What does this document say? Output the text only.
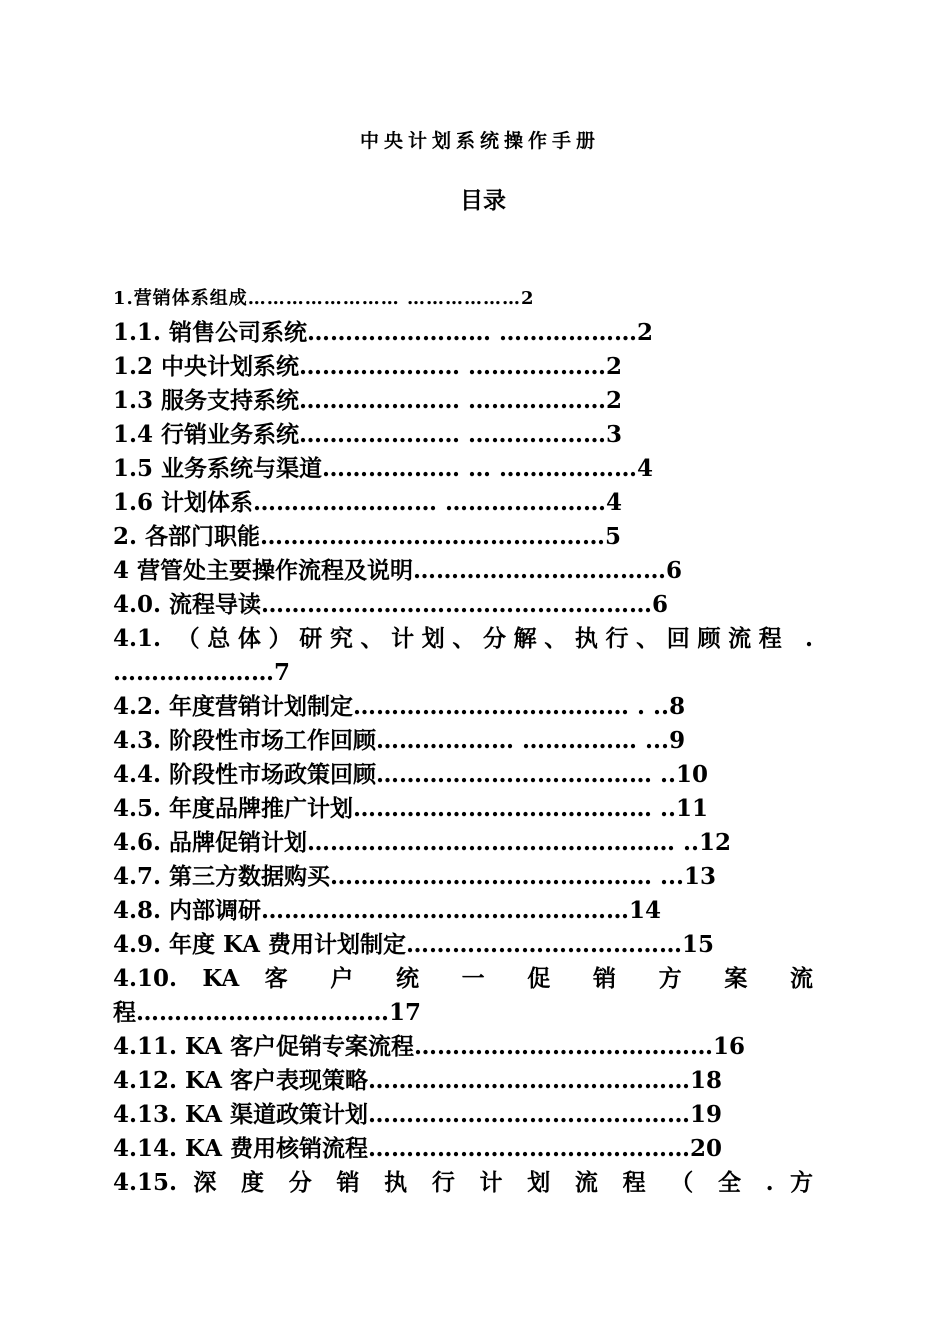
中央计划系统操作手册
目录
1.营销体系组成…………………… ………………2
1.1. 销售公司系统…………………… ………………2
1.2 中央计划系统………………… ………………2
1.3 服务支持系统………………… ………………2
1.4 行销业务系统………………… ………………3
1.5 业务系统与渠道……………… … ………………4
1.6 计划体系…………………… …………………4
2. 各部门职能………………………………………5
4 营管处主要操作流程及说明……………………………6
4.0. 流程导读……………………………………………6
4.1. （总体）研究、计划、分解、执行、回顾流程 .
…………………7
4.2. 年度营销计划制定……………………………… . ..8
4.3. 阶段性市场工作回顾……………… …………… ...9
4.4. 阶段性市场政策回顾……………………………… ..10
4.5. 年度品牌推广计划………………………………… ..11
4.6. 品牌促销计划………………………………………… ..12
4.7. 第三方数据购买…………………………………… ...13
4.8. 内部调研…………………………………………14
4.9. 年度 KA 费用计划制定………………………………15
4.10. KA 客 户 统 一 促 销 方 案 流
程……………………………17
4.11. KA 客户促销专案流程…………………………………16
4.12. KA 客户表现策略……………………………………18
4.13. KA 渠道政策计划……………………………………19
4.14. KA 费用核销流程……………………………………20
4.15. 深 度 分 销 执 行 计 划 流 程 （ 全 . 方
